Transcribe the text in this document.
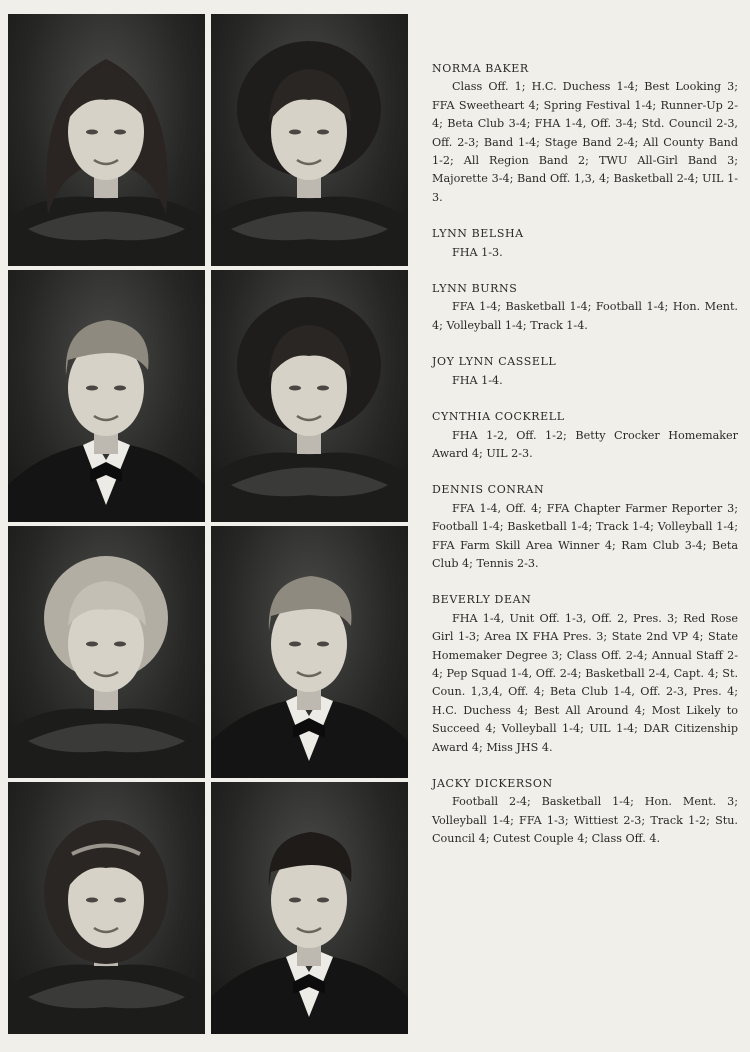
NORMA BAKER
Class Off. 1; H.C. Duchess 1-4; Best Looking 3; FFA Sweetheart 4; Spring Festival 1-4; Runner-Up 2-4; Beta Club 3-4; FHA 1-4, Off. 3-4; Std. Council 2-3, Off. 2-3; Band 1-4; Stage Band 2-4; All County Band 1-2; All Region Band 2; TWU All-Girl Band 3; Majorette 3-4; Band Off. 1,3, 4; Basketball 2-4; UIL 1-3.
LYNN BELSHA
FHA 1-3.
LYNN BURNS
FFA 1-4; Basketball 1-4; Football 1-4; Hon. Ment. 4; Volleyball 1-4; Track 1-4.
JOY LYNN CASSELL
FHA 1-4.
CYNTHIA COCKRELL
FHA 1-2, Off. 1-2; Betty Crocker Homemaker Award 4; UIL 2-3.
DENNIS CONRAN
FFA 1-4, Off. 4; FFA Chapter Farmer Reporter 3; Football 1-4; Basketball 1-4; Track 1-4; Volleyball 1-4; FFA Farm Skill Area Winner 4; Ram Club 3-4; Beta Club 4; Tennis 2-3.
BEVERLY DEAN
FHA 1-4, Unit Off. 1-3, Off. 2, Pres. 3; Red Rose Girl 1-3; Area IX FHA Pres. 3; State 2nd VP 4; State Homemaker Degree 3; Class Off. 2-4; Annual Staff 2-4; Pep Squad 1-4, Off. 2-4; Basketball 2-4, Capt. 4; St. Coun. 1,3,4, Off. 4; Beta Club 1-4, Off. 2-3, Pres. 4; H.C. Duchess 4; Best All Around 4; Most Likely to Succeed 4; Volleyball 1-4; UIL 1-4; DAR Citizenship Award 4; Miss JHS 4.
JACKY DICKERSON
Football 2-4; Basketball 1-4; Hon. Ment. 3; Volleyball 1-4; FFA 1-3; Wittiest 2-3; Track 1-2; Stu. Council 4; Cutest Couple 4; Class Off. 4.
